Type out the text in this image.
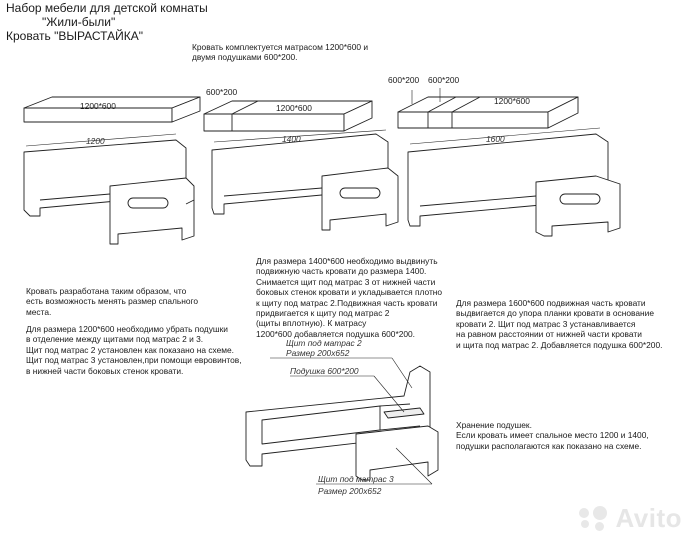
Набор мебели для детской комнаты
"Жили-были"
Кровать "ВЫРАСТАЙКА"
Кровать комплектуется матрасом 1200*600 и
двумя подушками 600*200.
1200*600
600*200
1200*600
600*200 600*200
1200*600
1200	1400	1600
Кровать разработана таким образом, что
есть возможность менять размер спального
места.
Для размера 1200*600 необходимо убрать подушки
в отделение между щитами под матрас 2 и 3.
Щит под матрас 2 установлен как показано на схеме.
Щит под матрас 3 установлен,при помощи евровинтов,
в нижней части боковых стенок кровати.
Для размера 1400*600 необходимо выдвинуть
подвижную часть кровати до размера 1400.
Снимается щит под матрас 3 от нижней части
боковых стенок кровати и укладывается плотно
к щиту под матрас 2.Подвижная часть кровати
придвигается к щиту под матрас 2
(щиты вплотную). К матрасу
1200*600 добавляется подушка 600*200.
Для размера 1600*600 подвижная часть кровати
выдвигается до упора планки кровати в основание
кровати 2. Щит под матрас 3 устанавливается
на равном расстоянии от нижней части кровати
и щита под матрас 2. Добавляется подушка 600*200.
Хранение подушек.
Если кровать имеет спальное место 1200 и 1400,
подушки располагаются как показано на схеме.
Щит под матрас 2
Размер 200х652
Подушка 600*200
Щит под матрас 3
Размер 200х652
Avito
